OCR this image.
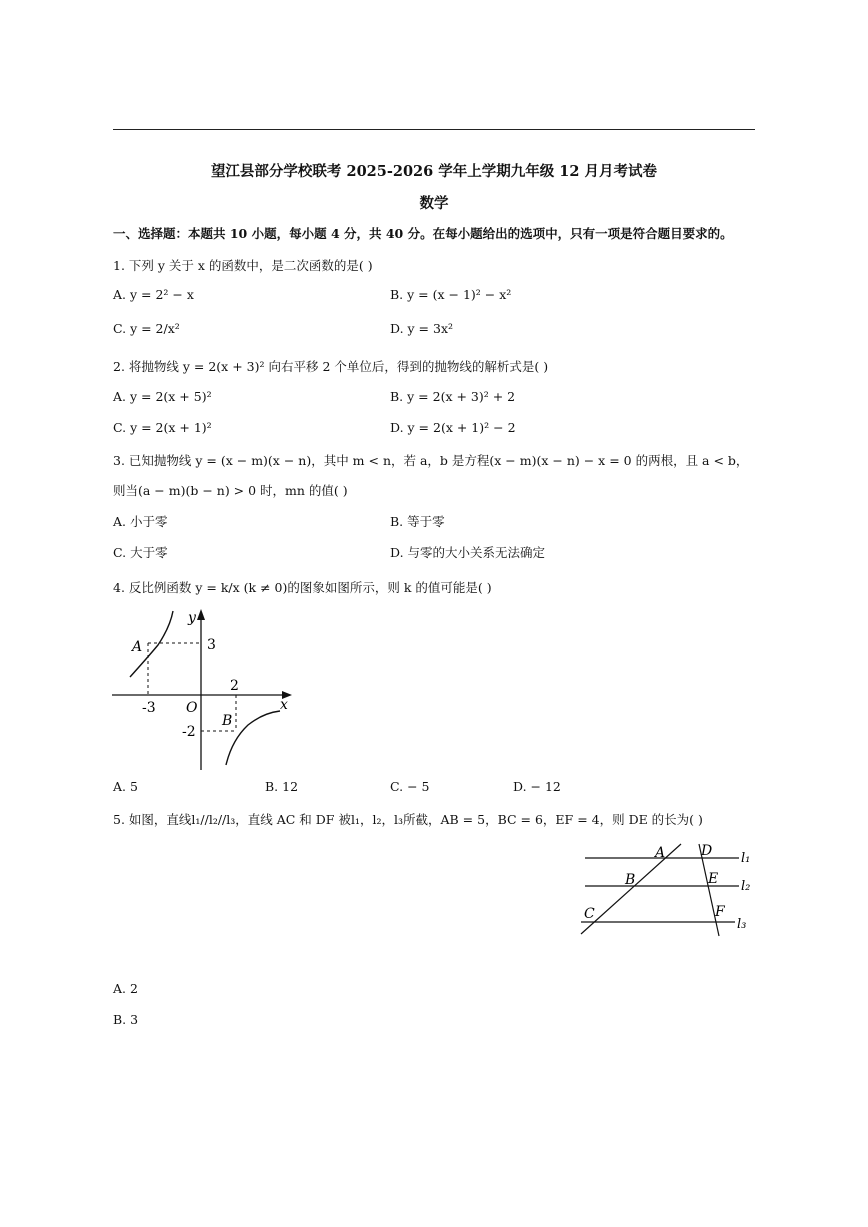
望江县部分学校联考 2025-2026 学年上学期九年级 12 月月考试卷
数学
一、选择题：本题共 10 小题，每小题 4 分，共 40 分。在每小题给出的选项中，只有一项是符合题目要求的。
1. 下列 y 关于 x 的函数中，是二次函数的是( )
A. y = 2² − x	B. y = (x − 1)² − x²
C. y = 2/x²	D. y = 3x²
2. 将抛物线 y = 2(x + 3)² 向右平移 2 个单位后，得到的抛物线的解析式是( )
A. y = 2(x + 5)²	B. y = 2(x + 3)² + 2
C. y = 2(x + 1)²	D. y = 2(x + 1)² − 2
3. 已知抛物线 y = (x − m)(x − n)，其中 m < n，若 a，b 是方程(x − m)(x − n) − x = 0 的两根，且 a < b，
则当(a − m)(b − n) > 0 时，mn 的值( )
A. 小于零	B. 等于零
C. 大于零	D. 与零的大小关系无法确定
4. 反比例函数 y = k/x (k ≠ 0)的图象如图所示，则 k 的值可能是( )
y
x
O
A
B
3
-3
2
-2
A. 5	B. 12	C. − 5	D. − 12
5. 如图，直线l₁//l₂//l₃，直线 AC 和 DF 被l₁，l₂，l₃所截，AB = 5，BC = 6，EF = 4，则 DE 的长为( )
A
B
C
D
E
F
l₁
l₂
l₃
A. 2
B. 3
